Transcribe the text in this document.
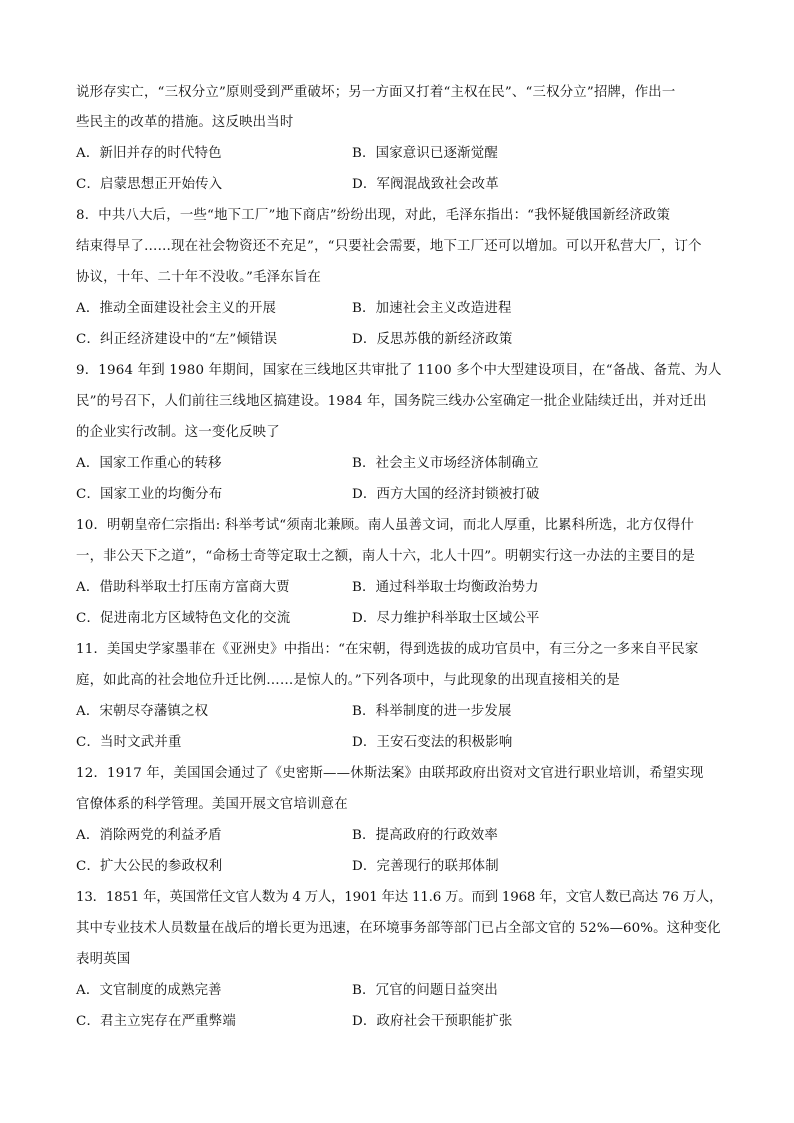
说形存实亡，“三权分立”原则受到严重破坏；另一方面又打着“主权在民”、“三权分立”招牌，作出一
些民主的改革的措施。这反映出当时
A．新旧并存的时代特色	B．国家意识已逐渐觉醒
C．启蒙思想正开始传入	D．军阀混战致社会改革
8．中共八大后，一些“地下工厂”地下商店”纷纷出现，对此，毛泽东指出：“我怀疑俄国新经济政策
结束得早了……现在社会物资还不充足”，“只要社会需要，地下工厂还可以增加。可以开私营大厂，订个
协议，十年、二十年不没收。”毛泽东旨在
A．推动全面建设社会主义的开展	B．加速社会主义改造进程
C．纠正经济建设中的“左”倾错误	D．反思苏俄的新经济政策
9．1964 年到 1980 年期间，国家在三线地区共审批了 1100 多个中大型建设项目，在“备战、备荒、为人
民”的号召下，人们前往三线地区搞建设。1984 年，国务院三线办公室确定一批企业陆续迁出，并对迁出
的企业实行改制。这一变化反映了
A．国家工作重心的转移	B．社会主义市场经济体制确立
C．国家工业的均衡分布	D．西方大国的经济封锁被打破
10．明朝皇帝仁宗指出: 科举考试“须南北兼顾。南人虽善文词，而北人厚重，比累科所选，北方仅得什
一，非公天下之道”，“命杨士奇等定取士之额，南人十六，北人十四”。明朝实行这一办法的主要目的是
A．借助科举取士打压南方富商大贾	B．通过科举取士均衡政治势力
C．促进南北方区域特色文化的交流	D．尽力维护科举取士区域公平
11．美国史学家墨菲在《亚洲史》中指出：“在宋朝，得到选拔的成功官员中，有三分之一多来自平民家
庭，如此高的社会地位升迁比例……是惊人的。”下列各项中，与此现象的出现直接相关的是
A．宋朝尽夺藩镇之权	B．科举制度的进一步发展
C．当时文武并重	D．王安石变法的积极影响
12．1917 年，美国国会通过了《史密斯——休斯法案》由联邦政府出资对文官进行职业培训，希望实现
官僚体系的科学管理。美国开展文官培训意在
A．消除两党的利益矛盾	B．提高政府的行政效率
C．扩大公民的参政权利	D．完善现行的联邦体制
13．1851 年，英国常任文官人数为 4 万人，1901 年达 11.6 万。而到 1968 年，文官人数已高达 76 万人，
其中专业技术人员数量在战后的增长更为迅速，在环境事务部等部门已占全部文官的 52%—60%。这种变化
表明英国
A．文官制度的成熟完善	B．冗官的问题日益突出
C．君主立宪存在严重弊端	D．政府社会干预职能扩张
